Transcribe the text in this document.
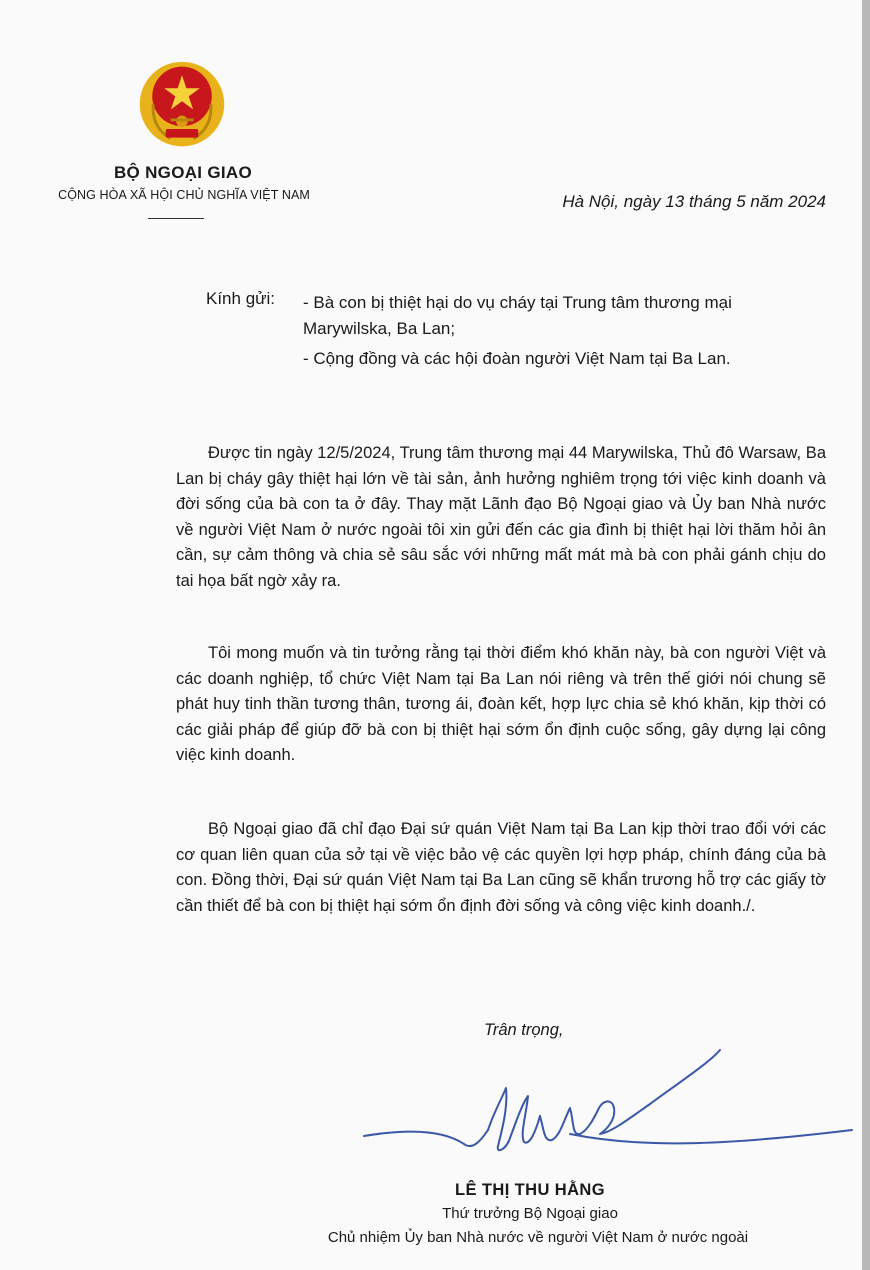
BỘ NGOẠI GIAO
CỘNG HÒA XÃ HỘI CHỦ NGHĨA VIỆT NAM	Hà Nội, ngày 13 tháng 5 năm 2024
Kính gửi: - Bà con bị thiệt hại do vụ cháy tại Trung tâm thương mại Marywilska, Ba Lan;
- Cộng đồng và các hội đoàn người Việt Nam tại Ba Lan.

Được tin ngày 12/5/2024, Trung tâm thương mại 44 Marywilska, Thủ đô Warsaw, Ba Lan bị cháy gây thiệt hại lớn về tài sản, ảnh hưởng nghiêm trọng tới việc kinh doanh và đời sống của bà con ta ở đây. Thay mặt Lãnh đạo Bộ Ngoại giao và Ủy ban Nhà nước về người Việt Nam ở nước ngoài tôi xin gửi đến các gia đình bị thiệt hại lời thăm hỏi ân cần, sự cảm thông và chia sẻ sâu sắc với những mất mát mà bà con phải gánh chịu do tai họa bất ngờ xảy ra.

Tôi mong muốn và tin tưởng rằng tại thời điểm khó khăn này, bà con người Việt và các doanh nghiệp, tổ chức Việt Nam tại Ba Lan nói riêng và trên thế giới nói chung sẽ phát huy tinh thần tương thân, tương ái, đoàn kết, hợp lực chia sẻ khó khăn, kịp thời có các giải pháp để giúp đỡ bà con bị thiệt hại sớm ổn định cuộc sống, gây dựng lại công việc kinh doanh.

Bộ Ngoại giao đã chỉ đạo Đại sứ quán Việt Nam tại Ba Lan kịp thời trao đổi với các cơ quan liên quan của sở tại về việc bảo vệ các quyền lợi hợp pháp, chính đáng của bà con. Đồng thời, Đại sứ quán Việt Nam tại Ba Lan cũng sẽ khẩn trương hỗ trợ các giấy tờ cần thiết để bà con bị thiệt hại sớm ổn định đời sống và công việc kinh doanh./.

Trân trọng,
LÊ THỊ THU HẰNG
Thứ trưởng Bộ Ngoại giao
Chủ nhiệm Ủy ban Nhà nước về người Việt Nam ở nước ngoài
